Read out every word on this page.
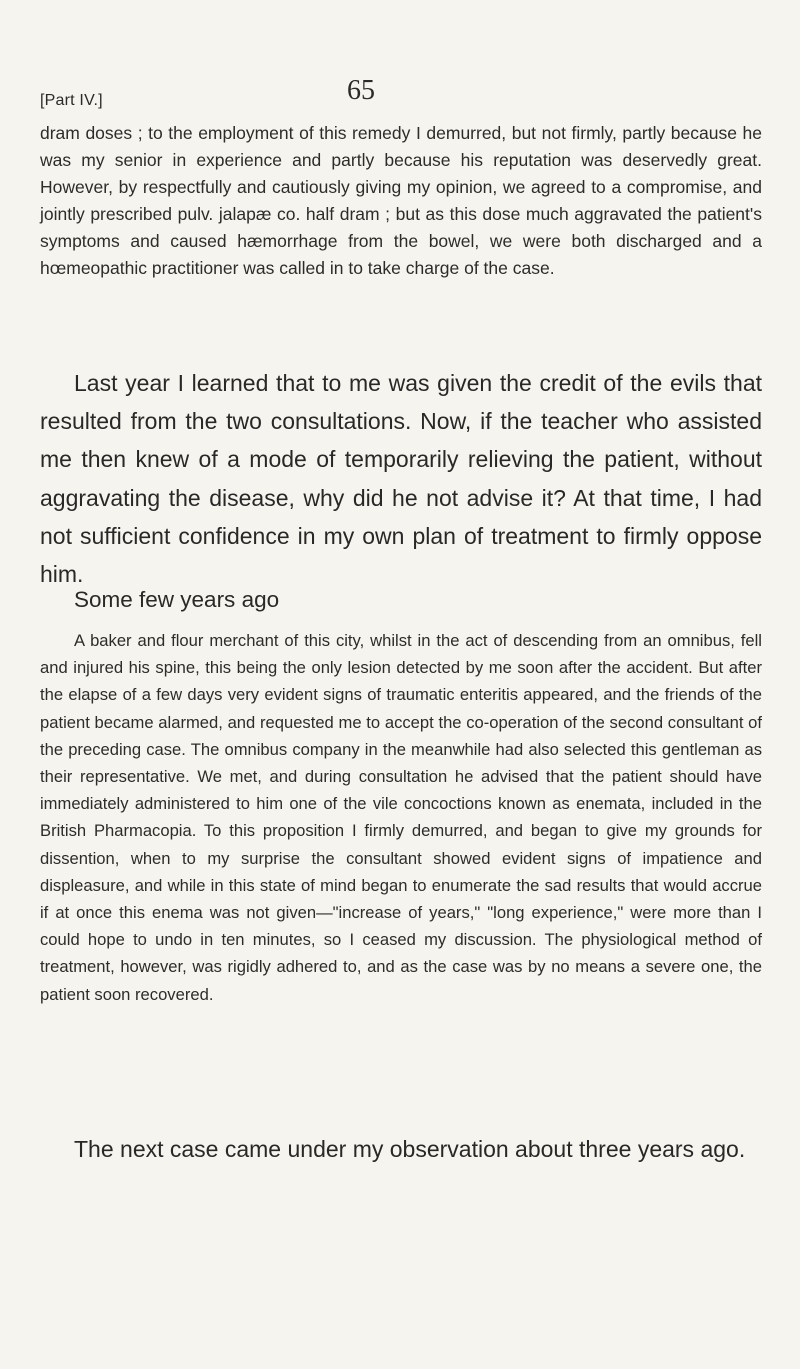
[Part IV.]	65

dram doses ; to the employment of this remedy I demurred, but not firmly, partly because he was my senior in experience and partly because his reputation was deservedly great. However, by respectfully and cautiously giving my opinion, we agreed to a compromise, and jointly prescribed pulv. jalapæ co. half dram ; but as this dose much aggravated the patient's symptoms and caused hæmorrhage from the bowel, we were both discharged and a hœmeopathic practitioner was called in to take charge of the case.

Last year I learned that to me was given the credit of the evils that resulted from the two consultations. Now, if the teacher who assisted me then knew of a mode of temporarily relieving the patient, without aggravating the disease, why did he not advise it? At that time, I had not sufficient confidence in my own plan of treatment to firmly oppose him.

Some few years ago

A baker and flour merchant of this city, whilst in the act of descending from an omnibus, fell and injured his spine, this being the only lesion detected by me soon after the accident. But after the elapse of a few days very evident signs of traumatic enteritis appeared, and the friends of the patient became alarmed, and requested me to accept the co-operation of the second consultant of the preceding case. The omnibus company in the meanwhile had also selected this gentleman as their representative. We met, and during consultation he advised that the patient should have immediately administered to him one of the vile concoctions known as enemata, included in the British Pharmacopia. To this proposition I firmly demurred, and began to give my grounds for dissention, when to my surprise the consultant showed evident signs of impatience and displeasure, and while in this state of mind began to enumerate the sad results that would accrue if at once this enema was not given—"increase of years," "long experience," were more than I could hope to undo in ten minutes, so I ceased my discussion. The physiological method of treatment, however, was rigidly adhered to, and as the case was by no means a severe one, the patient soon recovered.

The next case came under my observation about three years ago.
